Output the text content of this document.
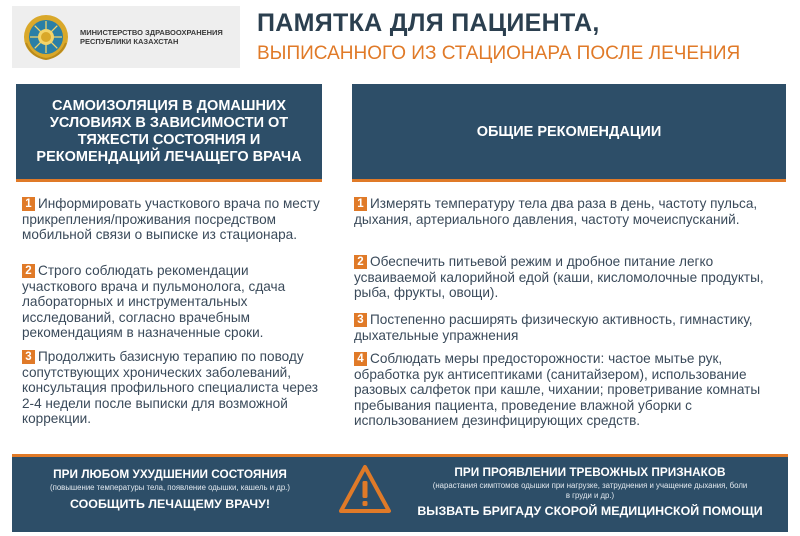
МИНИСТЕРСТВО ЗДРАВООХРАНЕНИЯ
РЕСПУБЛИКИ КАЗАХСТАН
ПАМЯТКА ДЛЯ ПАЦИЕНТА,
ВЫПИСАННОГО ИЗ СТАЦИОНАРА ПОСЛЕ ЛЕЧЕНИЯ
САМОИЗОЛЯЦИЯ В ДОМАШНИХ УСЛОВИЯХ В ЗАВИСИМОСТИ ОТ ТЯЖЕСТИ СОСТОЯНИЯ И РЕКОМЕНДАЦИЙ ЛЕЧАЩЕГО ВРАЧА
ОБЩИЕ РЕКОМЕНДАЦИИ
1 Информировать участкового врача по месту прикрепления/проживания посредством мобильной связи о выписке из стационара.
2 Строго соблюдать рекомендации участкового врача и пульмонолога, сдача лабораторных и инструментальных исследований, согласно врачебным рекомендациям в назначенные сроки.
3 Продолжить базисную терапию по поводу сопутствующих хронических заболеваний, консультация профильного специалиста через 2-4 недели после выписки для возможной коррекции.
1 Измерять температуру тела два раза в день, частоту пульса, дыхания, артериального давления, частоту мочеиспусканий.
2 Обеспечить питьевой режим и дробное питание легко усваиваемой калорийной едой (каши, кисломолочные продукты, рыба, фрукты, овощи).
3 Постепенно расширять физическую активность, гимнастику, дыхательные упражнения
4 Соблюдать меры предосторожности: частое мытье рук, обработка рук антисептиками (санитайзером), использование разовых салфеток при кашле, чихании; проветривание комнаты пребывания пациента, проведение влажной уборки с использованием дезинфицирующих средств.
ПРИ ЛЮБОМ УХУДШЕНИИ СОСТОЯНИЯ
(повышение температуры тела, появление одышки, кашель и др.)
СООБЩИТЬ ЛЕЧАЩЕМУ ВРАЧУ!
ПРИ ПРОЯВЛЕНИИ ТРЕВОЖНЫХ ПРИЗНАКОВ
(нарастания симптомов одышки при нагрузке, затруднения и учащение дыхания, боли в груди и др.)
ВЫЗВАТЬ БРИГАДУ СКОРОЙ МЕДИЦИНСКОЙ ПОМОЩИ
